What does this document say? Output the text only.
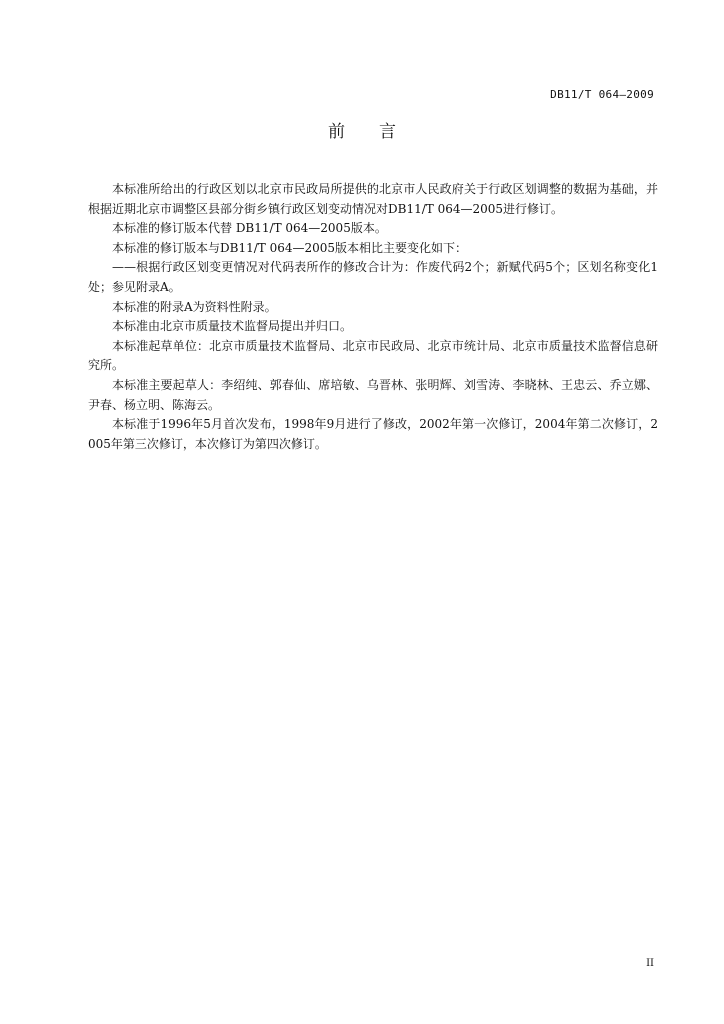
DB11/T 064—2009
前 言

本标准所给出的行政区划以北京市民政局所提供的北京市人民政府关于行政区划调整的数据为基础，并根据近期北京市调整区县部分街乡镇行政区划变动情况对DB11/T 064—2005进行修订。

本标准的修订版本代替 DB11/T 064—2005版本。

本标准的修订版本与DB11/T 064—2005版本相比主要变化如下：

——根据行政区划变更情况对代码表所作的修改合计为：作废代码2个；新赋代码5个；区划名称变化1处；参见附录A。

本标准的附录A为资料性附录。

本标准由北京市质量技术监督局提出并归口。

本标准起草单位：北京市质量技术监督局、北京市民政局、北京市统计局、北京市质量技术监督信息研究所。

本标准主要起草人：李绍纯、郭春仙、席培敏、乌晋林、张明辉、刘雪涛、李晓林、王忠云、乔立娜、尹春、杨立明、陈海云。

本标准于1996年5月首次发布，1998年9月进行了修改，2002年第一次修订，2004年第二次修订，2005年第三次修订，本次修订为第四次修订。

II
